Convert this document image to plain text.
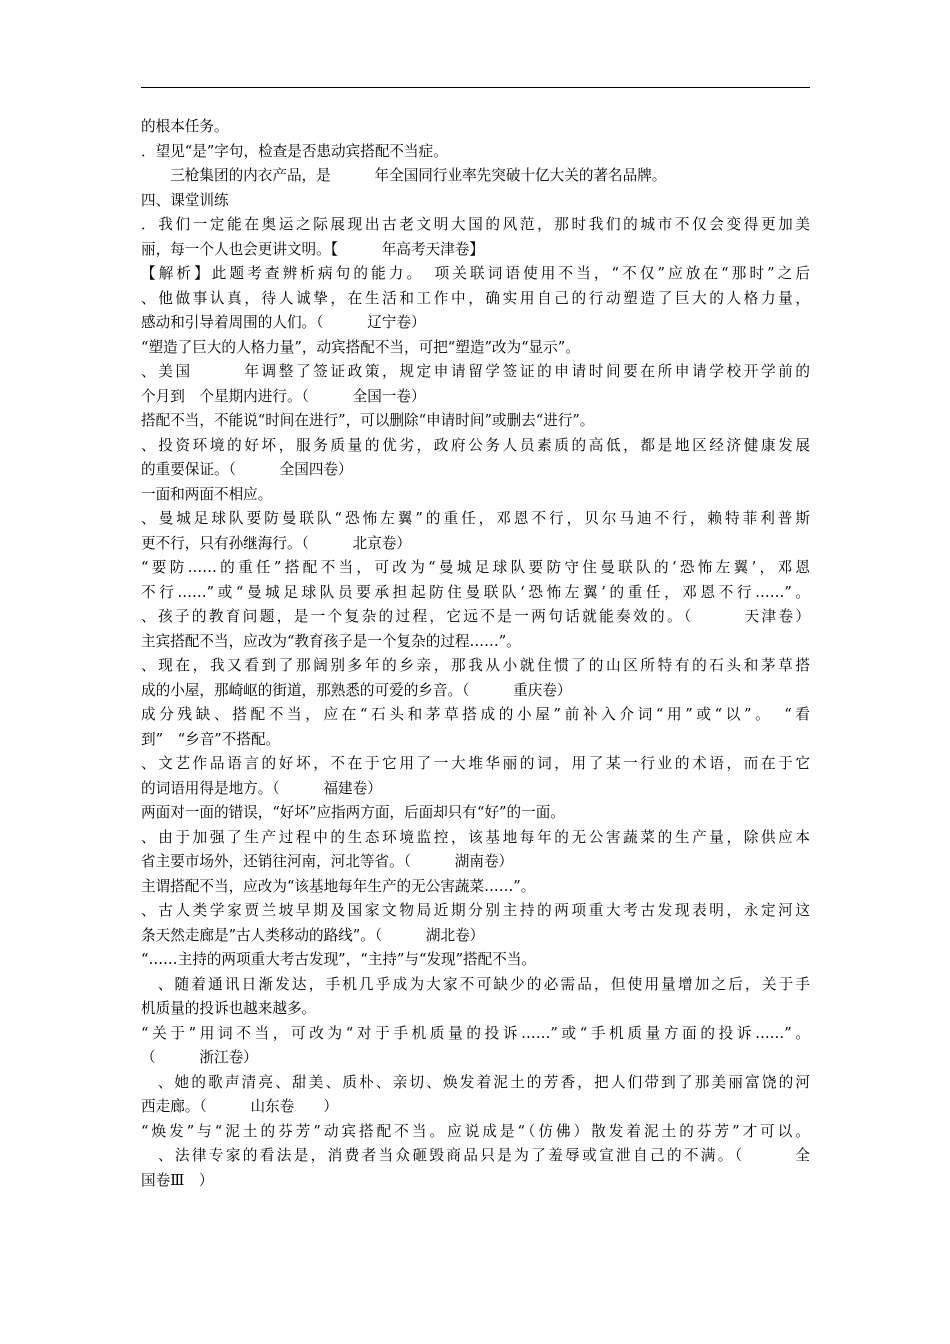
的根本任务。
．望见“是”字句，检查是否患动宾搭配不当症。
　　三枪集团的内衣产品，是　　　年全国同行业率先突破十亿大关的著名品牌。
四、课堂训练
．我们一定能在奥运之际展现出古老文明大国的风范，那时我们的城市不仅会变得更加美
丽，每一个人也会更讲文明。【　　　年高考天津卷】
【解析】此题考查辨析病句的能力。　项关联词语使用不当，“不仅”应放在“那时”之后
、他做事认真，待人诚挚，在生活和工作中，确实用自己的行动塑造了巨大的人格力量，
感动和引导着周围的人们。（　　　辽宁卷）
“塑造了巨大的人格力量”，动宾搭配不当，可把“塑造”改为“显示”。
、美国　　　年调整了签证政策，规定申请留学签证的申请时间要在所申请学校开学前的
个月到　个星期内进行。（　　　全国一卷）
搭配不当，不能说“时间在进行”，可以删除“申请时间”或删去“进行”。
、投资环境的好坏，服务质量的优劣，政府公务人员素质的高低，都是地区经济健康发展
的重要保证。（　　　全国四卷）
一面和两面不相应。
、曼城足球队要防曼联队“恐怖左翼”的重任，邓恩不行，贝尔马迪不行，赖特菲利普斯
更不行，只有孙继海行。（　　　北京卷）
“要防……的重任”搭配不当，可改为“曼城足球队要防守住曼联队的‘恐怖左翼’，邓恩
不行……”或“曼城足球队员要承担起防住曼联队‘恐怖左翼’的重任，邓恩不行……”。
、孩子的教育问题，是一个复杂的过程，它远不是一两句话就能奏效的。（　　　天津卷）
主宾搭配不当，应改为“教育孩子是一个复杂的过程……”。
、现在，我又看到了那阔别多年的乡亲，那我从小就住惯了的山区所特有的石头和茅草搭
成的小屋，那崎岖的街道，那熟悉的可爱的乡音。（　　　重庆卷）
成分残缺、搭配不当，应在“石头和茅草搭成的小屋”前补入介词“用”或“以”。　“看
到”　“乡音”不搭配。
、文艺作品语言的好坏，不在于它用了一大堆华丽的词，用了某一行业的术语，而在于它
的词语用得是地方。（　　　福建卷）
两面对一面的错误，“好坏”应指两方面，后面却只有“好”的一面。
、由于加强了生产过程中的生态环境监控，该基地每年的无公害蔬菜的生产量，除供应本
省主要市场外，还销往河南，河北等省。（　　　湖南卷）
主谓搭配不当，应改为“该基地每年生产的无公害蔬菜……”。
、古人类学家贾兰坡早期及国家文物局近期分别主持的两项重大考古发现表明，永定河这
条天然走廊是”古人类移动的路线”。（　　　湖北卷）
“……主持的两项重大考古发现”，“主持”与“发现”搭配不当。
　、随着通讯日渐发达，手机几乎成为大家不可缺少的必需品，但使用量增加之后，关于手
机质量的投诉也越来越多。
“关于”用词不当，可改为“对于手机质量的投诉……”或“手机质量方面的投诉……”。
（　　　浙江卷）
　、她的歌声清亮、甜美、质朴、亲切、焕发着泥土的芳香，把人们带到了那美丽富饶的河
西走廊。（　　　山东卷　　）
“焕发”与“泥土的芬芳”动宾搭配不当。应说成是“（仿佛）散发着泥土的芬芳”才可以。
　、法律专家的看法是，消费者当众砸毁商品只是为了羞辱或宣泄自己的不满。（　　　全
国卷Ⅲ　）
